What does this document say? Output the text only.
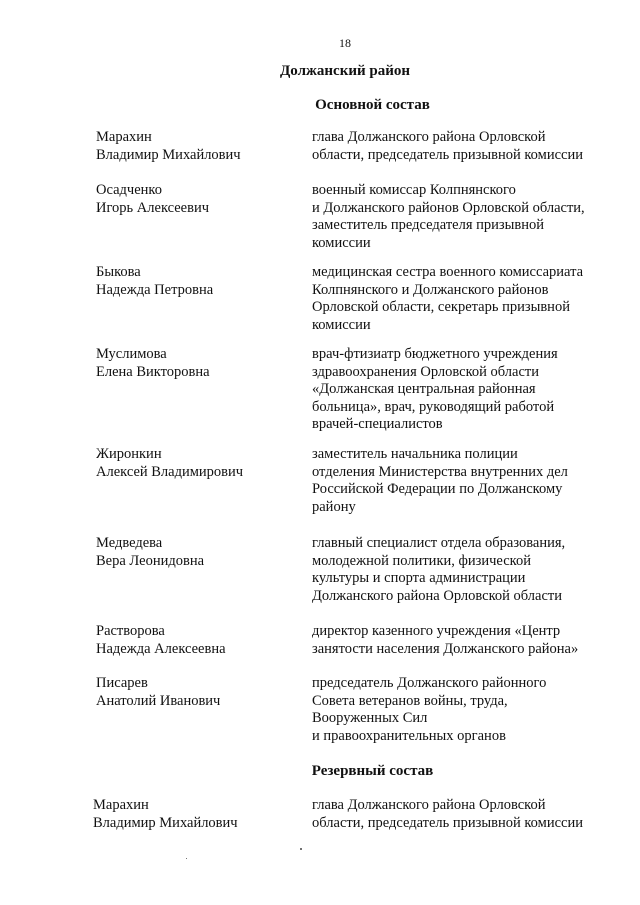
18
Должанский район
Основной состав
Марахин
Владимир Михайлович
глава Должанского района Орловской
области, председатель призывной комиссии
Осадченко
Игорь Алексеевич
военный комиссар Колпнянского
и Должанского районов Орловской области,
заместитель председателя призывной
комиссии
Быкова
Надежда Петровна
медицинская сестра военного комиссариата
Колпнянского и Должанского районов
Орловской области, секретарь призывной
комиссии
Муслимова
Елена Викторовна
врач-фтизиатр бюджетного учреждения
здравоохранения Орловской области
«Должанская центральная районная
больница», врач, руководящий работой
врачей-специалистов
Жиронкин
Алексей Владимирович
заместитель начальника полиции
отделения Министерства внутренних дел
Российской Федерации по Должанскому
району
Медведева
Вера Леонидовна
главный специалист отдела образования,
молодежной политики, физической
культуры и спорта администрации
Должанского района Орловской области
Растворова
Надежда Алексеевна
директор казенного учреждения «Центр
занятости населения Должанского района»
Писарев
Анатолий Иванович
председатель Должанского районного
Совета ветеранов войны, труда,
Вооруженных Сил
и правоохранительных органов
Резервный состав
Марахин
Владимир Михайлович
глава Должанского района Орловской
области, председатель призывной комиссии
